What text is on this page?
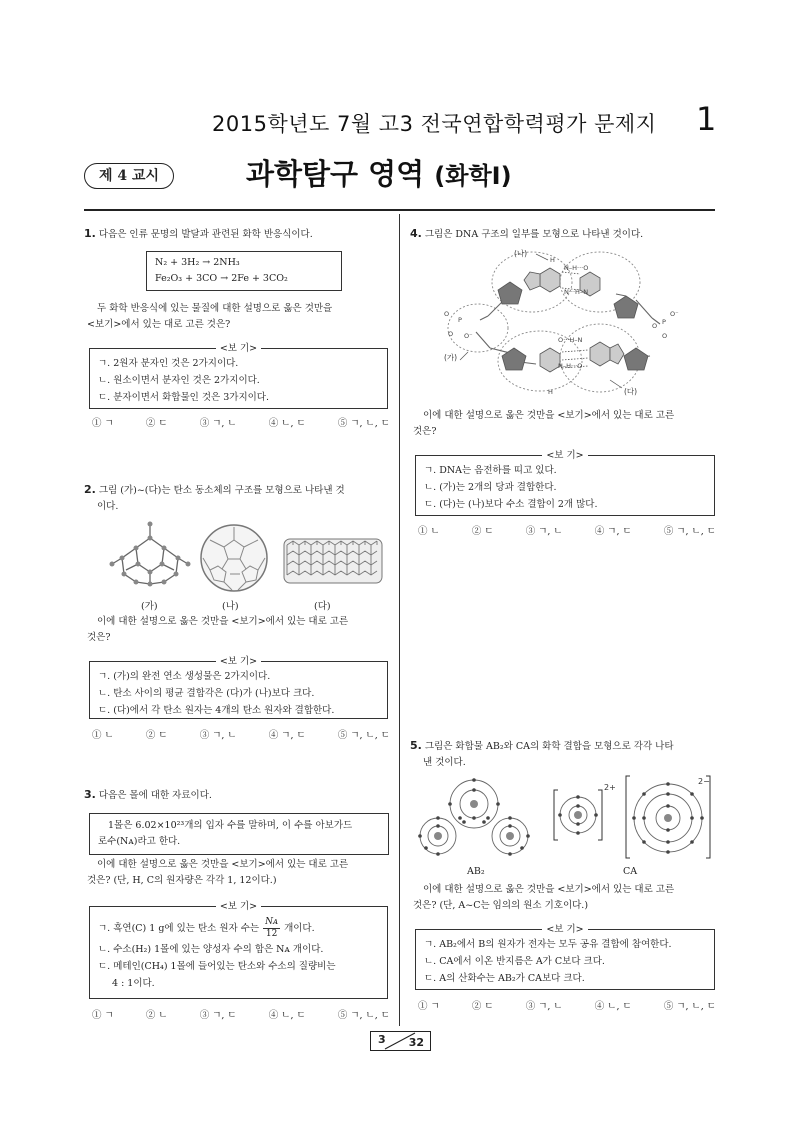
2015학년도 7월 고3 전국연합학력평가 문제지 1
제 4 교시	과학탐구 영역 (화학Ⅰ)
1. 다음은 인류 문명의 발달과 관련된 화학 반응식이다.
N₂ + 3H₂ → 2NH₃
Fe₂O₃ + 3CO → 2Fe + 3CO₂
두 화학 반응식에 있는 물질에 대한 설명으로 옳은 것만을
<보기>에서 있는 대로 고른 것은?
<보 기>
ㄱ. 2원자 분자인 것은 2가지이다.
ㄴ. 원소이면서 분자인 것은 2가지이다.
ㄷ. 분자이면서 화합물인 것은 3가지이다.
① ㄱ	② ㄷ	③ ㄱ, ㄴ	④ ㄴ, ㄷ	⑤ ㄱ, ㄴ, ㄷ
2. 그림 (가)~(다)는 탄소 동소체의 구조를 모형으로 나타낸 것
이다.
(가)	(나)	(다)
이에 대한 설명으로 옳은 것만을 <보기>에서 있는 대로 고른
것은?
<보 기>
ㄱ. (가)의 완전 연소 생성물은 2가지이다.
ㄴ. 탄소 사이의 평균 결합각은 (다)가 (나)보다 크다.
ㄷ. (다)에서 각 탄소 원자는 4개의 탄소 원자와 결합한다.
① ㄴ	② ㄷ	③ ㄱ, ㄴ	④ ㄱ, ㄷ	⑤ ㄱ, ㄴ, ㄷ
3. 다음은 몰에 대한 자료이다.
1몰은 6.02×10²³개의 입자 수를 말하며, 이 수를 아보가드
로수(Nᴀ)라고 한다.
이에 대한 설명으로 옳은 것만을 <보기>에서 있는 대로 고른
것은? (단, H, C의 원자량은 각각 1, 12이다.)
<보 기>
ㄱ. 흑연(C) 1 g에 있는 탄소 원자 수는 $\frac{\text{Nᴀ}}{12}$ 개이다.
ㄴ. 수소(H₂) 1몰에 있는 양성자 수의 합은 Nᴀ 개이다.
ㄷ. 메테인(CH₄) 1몰에 들어있는 탄소와 수소의 질량비는
4 : 1이다.
① ㄱ	② ㄴ	③ ㄱ, ㄷ	④ ㄴ, ㄷ	⑤ ㄱ, ㄴ, ㄷ
4. 그림은 DNA 구조의 일부를 모형으로 나타낸 것이다.
H
N–H···O
N···H–N
O···H–N
N–H···O
H
O
P
O O⁻
O P
O⁻
O
(나)
(가)
(다)
이에 대한 설명으로 옳은 것만을 <보기>에서 있는 대로 고른
것은?
<보 기>
ㄱ. DNA는 음전하를 띠고 있다.
ㄴ. (가)는 2개의 당과 결합한다.
ㄷ. (다)는 (나)보다 수소 결합이 2개 많다.
① ㄴ	② ㄷ	③ ㄱ, ㄴ	④ ㄱ, ㄷ	⑤ ㄱ, ㄴ, ㄷ
5. 그림은 화합물 AB₂와 CA의 화학 결합을 모형으로 각각 나타
낸 것이다.
2+
2−
AB₂	CA
이에 대한 설명으로 옳은 것만을 <보기>에서 있는 대로 고른
것은? (단, A~C는 임의의 원소 기호이다.)
<보 기>
ㄱ. AB₂에서 B의 원자가 전자는 모두 공유 결합에 참여한다.
ㄴ. CA에서 이온 반지름은 A가 C보다 크다.
ㄷ. A의 산화수는 AB₂가 CA보다 크다.
① ㄱ	② ㄷ	③ ㄱ, ㄴ	④ ㄴ, ㄷ	⑤ ㄱ, ㄴ, ㄷ
3 32
